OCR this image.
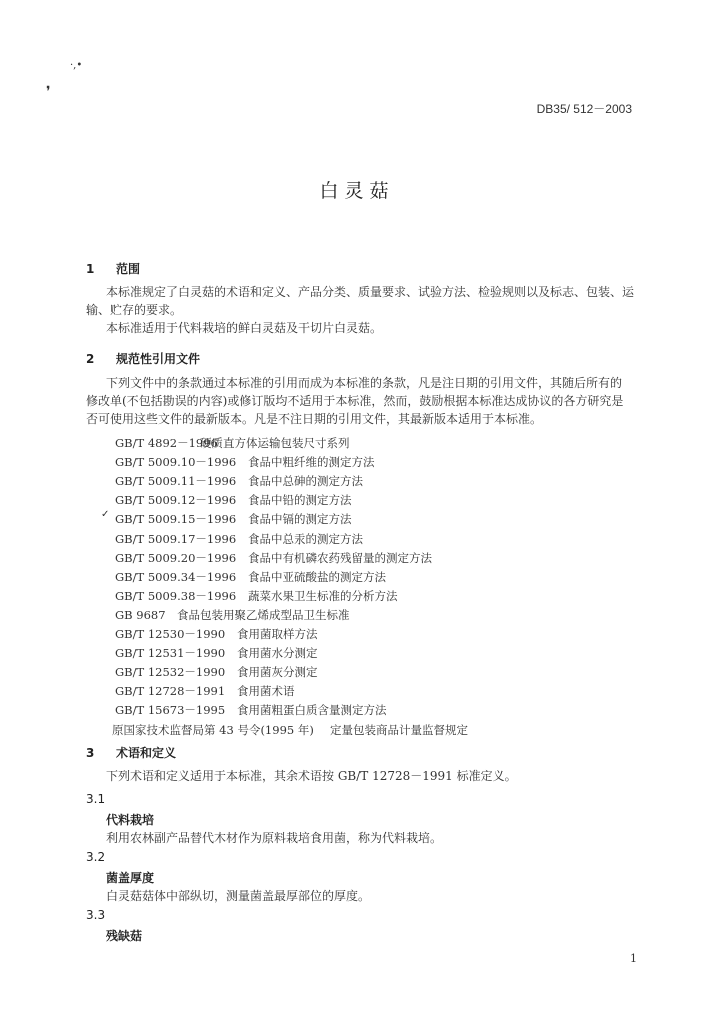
·,•
❜
DB35/ 512－2003
白灵菇
1 范围
本标准规定了白灵菇的术语和定义、产品分类、质量要求、试验方法、检验规则以及标志、包装、运
输、贮存的要求。
本标准适用于代料栽培的鲜白灵菇及干切片白灵菇。
2 规范性引用文件
下列文件中的条款通过本标准的引用而成为本标准的条款，凡是注日期的引用文件，其随后所有的
修改单(不包括勘误的内容)或修订版均不适用于本标准，然而，鼓励根据本标准达成协议的各方研究是
否可使用这些文件的最新版本。凡是不注日期的引用文件，其最新版本适用于本标准。
GB/T 4892－1996硬质直方体运输包装尺寸系列
GB/T 5009.10－1996 食品中粗纤维的测定方法
GB/T 5009.11－1996 食品中总砷的测定方法
GB/T 5009.12－1996 食品中铅的测定方法
GB/T 5009.15－1996 食品中镉的测定方法
GB/T 5009.17－1996 食品中总汞的测定方法
GB/T 5009.20－1996 食品中有机磷农药残留量的测定方法
GB/T 5009.34－1996 食品中亚硫酸盐的测定方法
GB/T 5009.38－1996 蔬菜水果卫生标准的分析方法
GB 9687 食品包装用聚乙烯成型品卫生标准
GB/T 12530－1990 食用菌取样方法
GB/T 12531－1990 食用菌水分测定
GB/T 12532－1990 食用菌灰分测定
GB/T 12728－1991 食用菌术语
GB/T 15673－1995 食用菌粗蛋白质含量测定方法
原国家技术监督局第 43 号令(1995 年) 定量包装商品计量监督规定
✓
3 术语和定义
下列术语和定义适用于本标准，其余术语按 GB/T 12728－1991 标准定义。
3.1
代料栽培
利用农林副产品替代木材作为原料栽培食用菌，称为代料栽培。
3.2
菌盖厚度
白灵菇菇体中部纵切，测量菌盖最厚部位的厚度。
3.3
残缺菇
1
